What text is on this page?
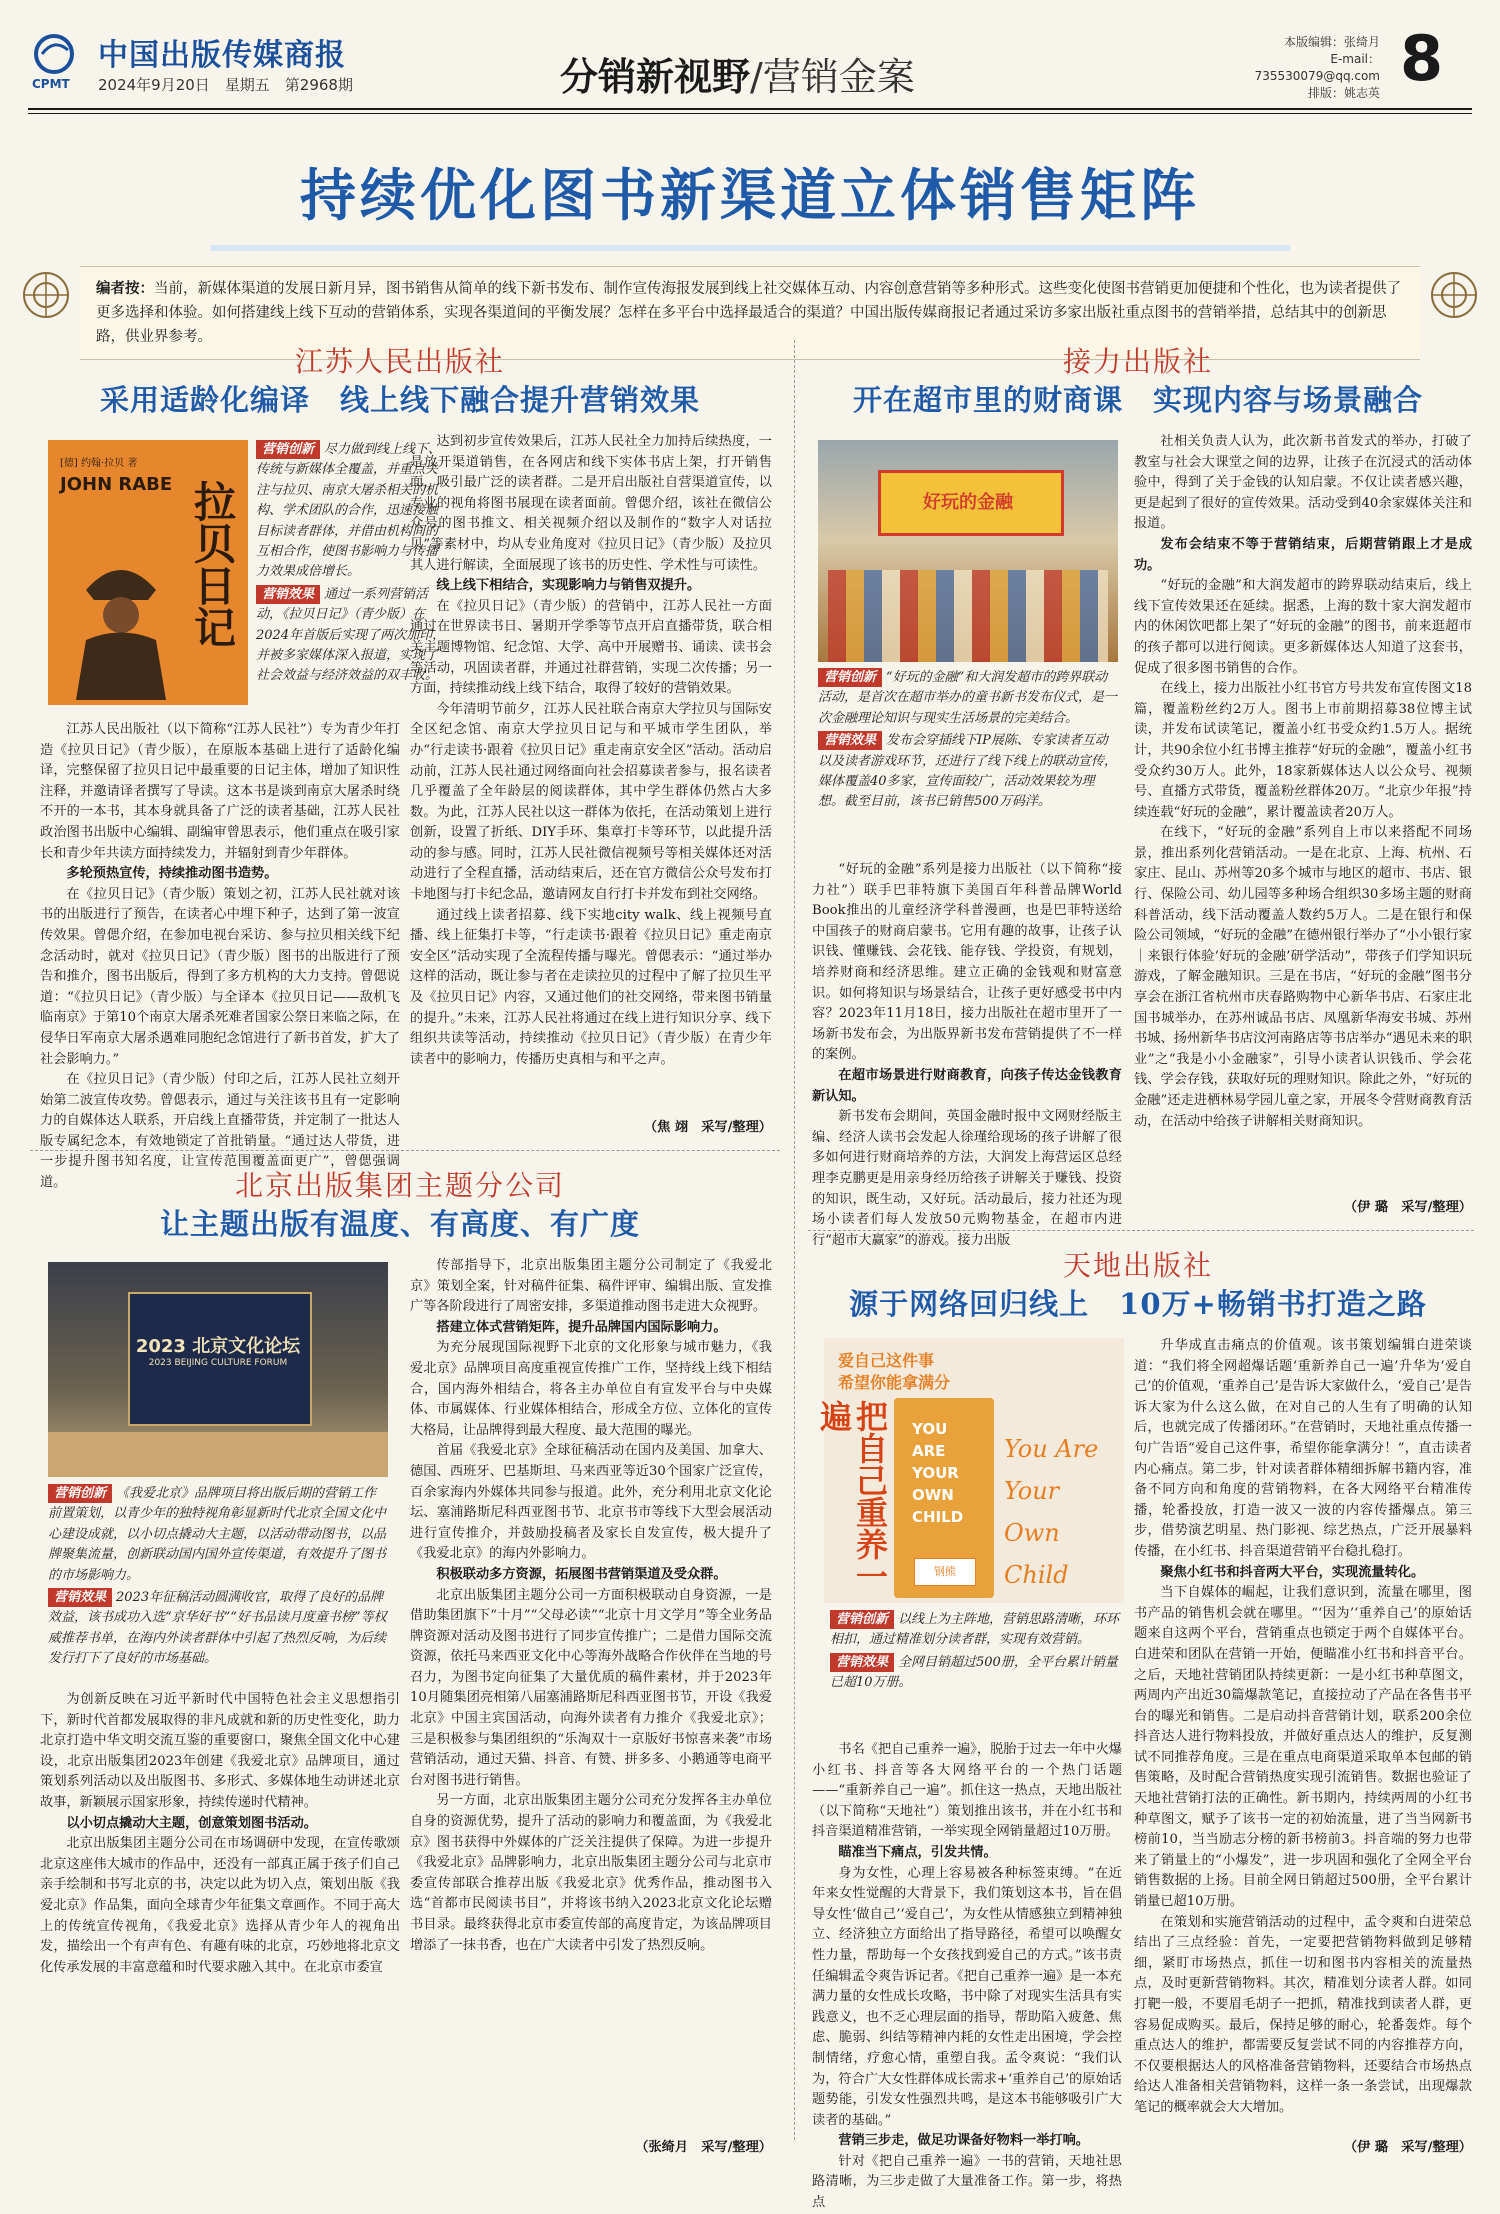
CPMT
中国出版传媒商报
2024年9月20日　星期五　第2968期	分销新视野/营销金案
本版编辑：张绮月
E-mail：735530079@qq.com
排版：姚志英 8
持续优化图书新渠道立体销售矩阵
编者按：当前，新媒体渠道的发展日新月异，图书销售从简单的线下新书发布、制作宣传海报发展到线上社交媒体互动、内容创意营销等多种形式。这些变化使图书营销更加便捷和个性化，也为读者提供了更多选择和体验。如何搭建线上线下互动的营销体系，实现各渠道间的平衡发展？怎样在多平台中选择最适合的渠道？中国出版传媒商报记者通过采访多家出版社重点图书的营销举措，总结其中的创新思路，供业界参考。
江苏人民出版社
采用适龄化编译　线上线下融合提升营销效果
[德] 约翰·拉贝 著
JOHN RABE 拉贝日记

营销创新 尽力做到线上线下、传统与新媒体全覆盖，并重点关注与拉贝、南京大屠杀相关的机构、学术团队的合作，迅速接触目标读者群体，并借由机构间的互相合作，使图书影响力与传播力效果成倍增长。

营销效果 通过一系列营销活动，《拉贝日记》（青少版）在2024年首版后实现了两次加印，并被多家媒体深入报道，实现了社会效益与经济效益的双丰收。

江苏人民出版社（以下简称“江苏人民社”）专为青少年打造《拉贝日记》（青少版），在原版本基础上进行了适龄化编译，完整保留了拉贝日记中最重要的日记主体，增加了知识性注释，并邀请译者撰写了导读。这本书是谈到南京大屠杀时绕不开的一本书，其本身就具备了广泛的读者基础，江苏人民社政治图书出版中心编辑、副编审曾思表示，他们重点在吸引家长和青少年共读方面持续发力，并辐射到青少年群体。

多轮预热宣传，持续推动图书造势。

在《拉贝日记》（青少版）策划之初，江苏人民社就对该书的出版进行了预告，在读者心中埋下种子，达到了第一波宣传效果。曾偲介绍，在参加电视台采访、参与拉贝相关线下纪念活动时，就对《拉贝日记》（青少版）图书的出版进行了预告和推介，图书出版后，得到了多方机构的大力支持。曾偲说道：“《拉贝日记》（青少版）与全译本《拉贝日记——敌机飞临南京》于第10个南京大屠杀死难者国家公祭日来临之际，在侵华日军南京大屠杀遇难同胞纪念馆进行了新书首发，扩大了社会影响力。”

在《拉贝日记》（青少版）付印之后，江苏人民社立刻开始第二波宣传攻势。曾偲表示，通过与关注该书且有一定影响力的自媒体达人联系，开启线上直播带货，并定制了一批达人版专属纪念本，有效地锁定了首批销量。“通过达人带货，进一步提升图书知名度，让宣传范围覆盖面更广”，曾偲强调道。

达到初步宣传效果后，江苏人民社全力加持后续热度，一是放开渠道销售，在各网店和线下实体书店上架，打开销售面，吸引最广泛的读者群。二是开启出版社自营渠道宣传，以专业的视角将图书展现在读者面前。曾偲介绍，该社在微信公众号的图书推文、相关视频介绍以及制作的“数字人对话拉贝”等素材中，均从专业角度对《拉贝日记》（青少版）及拉贝其人进行解读，全面展现了该书的历史性、学术性与可读性。

线上线下相结合，实现影响力与销售双提升。

在《拉贝日记》（青少版）的营销中，江苏人民社一方面通过在世界读书日、暑期开学季等节点开启直播带货，联合相关主题博物馆、纪念馆、大学、高中开展赠书、诵读、读书会等活动，巩固读者群，并通过社群营销，实现二次传播；另一方面，持续推动线上线下结合，取得了较好的营销效果。

今年清明节前夕，江苏人民社联合南京大学拉贝与国际安全区纪念馆、南京大学拉贝日记与和平城市学生团队，举办“行走读书·跟着《拉贝日记》重走南京安全区”活动。活动启动前，江苏人民社通过网络面向社会招募读者参与，报名读者几乎覆盖了全年龄层的阅读群体，其中学生群体仍然占大多数。为此，江苏人民社以这一群体为依托，在活动策划上进行创新，设置了折纸、DIY手环、集章打卡等环节，以此提升活动的参与感。同时，江苏人民社微信视频号等相关媒体还对活动进行了全程直播，活动结束后，还在官方微信公众号发布打卡地图与打卡纪念品，邀请网友自行打卡并发布到社交网络。

通过线上读者招募、线下实地city walk、线上视频号直播、线上征集打卡等，“行走读书·跟着《拉贝日记》重走南京安全区”活动实现了全流程传播与曝光。曾偲表示：“通过举办这样的活动，既让参与者在走读拉贝的过程中了解了拉贝生平及《拉贝日记》内容，又通过他们的社交网络，带来图书销量的提升。”未来，江苏人民社将通过在线上进行知识分享、线下组织共读等活动，持续推动《拉贝日记》（青少版）在青少年读者中的影响力，传播历史真相与和平之声。

（焦 翊　采写/整理）
北京出版集团主题分公司
让主题出版有温度、有高度、有广度
2023 北京文化论坛
2023 BEIJING CULTURE FORUM

营销创新 《我爱北京》品牌项目将出版后期的营销工作前置策划，以青少年的独特视角彰显新时代北京全国文化中心建设成就，以小切点撬动大主题，以活动带动图书，以品牌聚集流量，创新联动国内国外宣传渠道，有效提升了图书的市场影响力。

营销效果 2023年征稿活动圆满收官，取得了良好的品牌效益，该书成功入选“京华好书”“好书品读月度童书榜”等权威推荐书单，在海内外读者群体中引起了热烈反响，为后续发行打下了良好的市场基础。

为创新反映在习近平新时代中国特色社会主义思想指引下，新时代首都发展取得的非凡成就和新的历史性变化，助力北京打造中华文明交流互鉴的重要窗口，聚焦全国文化中心建设，北京出版集团2023年创建《我爱北京》品牌项目，通过策划系列活动以及出版图书、多形式、多媒体地生动讲述北京故事，新颖展示国家形象，持续传递时代精神。

以小切点撬动大主题，创意策划图书活动。

北京出版集团主题分公司在市场调研中发现，在宣传歌颂北京这座伟大城市的作品中，还没有一部真正属于孩子们自己亲手绘制和书写北京的书，决定以此为切入点，策划出版《我爱北京》作品集，面向全球青少年征集文章画作。不同于高大上的传统宣传视角，《我爱北京》选择从青少年人的视角出发，描绘出一个有声有色、有趣有味的北京，巧妙地将北京文化传承发展的丰富意蕴和时代要求融入其中。在北京市委宣

传部指导下，北京出版集团主题分公司制定了《我爱北京》策划全案，针对稿件征集、稿件评审、编辑出版、宣发推广等各阶段进行了周密安排，多渠道推动图书走进大众视野。

搭建立体式营销矩阵，提升品牌国内国际影响力。

为充分展现国际视野下北京的文化形象与城市魅力，《我爱北京》品牌项目高度重视宣传推广工作，坚持线上线下相结合，国内海外相结合，将各主办单位自有宣发平台与中央媒体、市属媒体、行业媒体相结合，形成全方位、立体化的宣传大格局，让品牌得到最大程度、最大范围的曝光。

首届《我爱北京》全球征稿活动在国内及美国、加拿大、德国、西班牙、巴基斯坦、马来西亚等近30个国家广泛宣传，百余家海内外媒体共同参与报道。此外，充分利用北京文化论坛、塞浦路斯尼科西亚图书节、北京书市等线下大型会展活动进行宣传推介，并鼓励投稿者及家长自发宣传，极大提升了《我爱北京》的海内外影响力。

积极联动多方资源，拓展图书营销渠道及受众群。

北京出版集团主题分公司一方面积极联动自身资源，一是借助集团旗下“十月”“父母必读”“北京十月文学月”等全业务品牌资源对活动及图书进行了同步宣传推广；二是借力国际交流资源，依托马来西亚文化中心等海外战略合作伙伴在当地的号召力，为图书定向征集了大量优质的稿件素材，并于2023年10月随集团亮相第八届塞浦路斯尼科西亚图书节，开设《我爱北京》中国主宾国活动，向海外读者有力推介《我爱北京》；三是积极参与集团组织的“乐淘双十一京版好书惊喜来袭”市场营销活动，通过天猫、抖音、有赞、拼多多、小鹅通等电商平台对图书进行销售。

另一方面，北京出版集团主题分公司充分发挥各主办单位自身的资源优势，提升了活动的影响力和覆盖面，为《我爱北京》图书获得中外媒体的广泛关注提供了保障。为进一步提升《我爱北京》品牌影响力，北京出版集团主题分公司与北京市委宣传部联合推荐出版《我爱北京》优秀作品，推动图书入选“首都市民阅读书目”，并将该书纳入2023北京文化论坛赠书目录。最终获得北京市委宣传部的高度肯定，为该品牌项目增添了一抹书香，也在广大读者中引发了热烈反响。

（张绮月　采写/整理）
接力出版社
开在超市里的财商课　实现内容与场景融合
好玩的金融

营销创新 “好玩的金融”和大润发超市的跨界联动活动，是首次在超市举办的童书新书发布仪式，是一次金融理论知识与现实生活场景的完美结合。

营销效果 发布会穿插线下IP展陈、专家读者互动以及读者游戏环节，还进行了线下线上的联动宣传，媒体覆盖40多家，宣传面较广，活动效果较为理想。截至目前，该书已销售500万码洋。

“好玩的金融”系列是接力出版社（以下简称“接力社”）联手巴菲特旗下美国百年科普品牌World Book推出的儿童经济学科普漫画，也是巴菲特送给中国孩子的财商启蒙书。它用有趣的故事，让孩子认识钱、懂赚钱、会花钱、能存钱、学投资，有规划，培养财商和经济思维。建立正确的金钱观和财富意识。如何将知识与场景结合，让孩子更好感受书中内容？2023年11月18日，接力出版社在超市里开了一场新书发布会，为出版界新书发布营销提供了不一样的案例。

在超市场景进行财商教育，向孩子传达金钱教育新认知。

新书发布会期间，英国金融时报中文网财经版主编、经济人读书会发起人徐瑾给现场的孩子讲解了很多如何进行财商培养的方法，大润发上海营运区总经理李克鹏更是用亲身经历给孩子讲解关于赚钱、投资的知识，既生动，又好玩。活动最后，接力社还为现场小读者们每人发放50元购物基金，在超市内进行“超市大赢家”的游戏。接力出版

社相关负责人认为，此次新书首发式的举办，打破了教室与社会大课堂之间的边界，让孩子在沉浸式的活动体验中，得到了关于金钱的认知启蒙。不仅让读者感兴趣，更是起到了很好的宣传效果。活动受到40余家媒体关注和报道。

发布会结束不等于营销结束，后期营销跟上才是成功。

“好玩的金融”和大润发超市的跨界联动结束后，线上线下宣传效果还在延续。据悉，上海的数十家大润发超市内的休闲饮吧都上架了“好玩的金融”的图书，前来逛超市的孩子都可以进行阅读。更多新媒体达人知道了这套书，促成了很多图书销售的合作。

在线上，接力出版社小红书官方号共发布宣传图文18篇，覆盖粉丝约2万人。图书上市前期招募38位博主试读，并发布试读笔记，覆盖小红书受众约1.5万人。据统计，共90余位小红书博主推荐“好玩的金融”，覆盖小红书受众约30万人。此外，18家新媒体达人以公众号、视频号、直播方式带货，覆盖粉丝群体20万。“北京少年报”持续连载“好玩的金融”，累计覆盖读者20万人。

在线下，“好玩的金融”系列自上市以来搭配不同场景，推出系列化营销活动。一是在北京、上海、杭州、石家庄、昆山、苏州等20多个城市与地区的超市、书店、银行、保险公司、幼儿园等多种场合组织30多场主题的财商科普活动，线下活动覆盖人数约5万人。二是在银行和保险公司领域，“好玩的金融”在德州银行举办了“小小银行家｜来银行体验‘好玩的金融’研学活动”，带孩子们学知识玩游戏，了解金融知识。三是在书店，“好玩的金融”图书分享会在浙江省杭州市庆春路购物中心新华书店、石家庄北国书城举办，在苏州诚品书店、凤凰新华海安书城、苏州书城、扬州新华书店汶河南路店等书店举办“遇见未来的职业”之“我是小小金融家”，引导小读者认识钱币、学会花钱、学会存钱，获取好玩的理财知识。除此之外，“好玩的金融”还走进栖林易学园儿童之家，开展冬令营财商教育活动，在活动中给孩子讲解相关财商知识。

（伊 璐　采写/整理）
天地出版社
源于网络回归线上　10万+畅销书打造之路
爱自己这件事
希望你能拿满分
把自己重养一遍	YOU ARE YOUR OWN CHILD
You Are Your Own Child
钢熊

营销创新 以线上为主阵地，营销思路清晰，环环相扣，通过精准划分读者群，实现有效营销。

营销效果 全网目销超过500册，全平台累计销量已超10万册。

书名《把自己重养一遍》，脱胎于过去一年中火爆小红书、抖音等各大网络平台的一个热门话题——“重新养自己一遍”。抓住这一热点，天地出版社（以下简称“天地社”）策划推出该书，并在小红书和抖音渠道精准营销，一举实现全网销量超过10万册。

瞄准当下痛点，引发共情。

身为女性，心理上容易被各种标签束缚。“在近年来女性觉醒的大背景下，我们策划这本书，旨在倡导女性‘做自己’‘爱自己’，为女性从情感独立到精神独立、经济独立方面给出了指导路径，希望可以唤醒女性力量，帮助每一个女孩找到爱自己的方式。”该书责任编辑孟令爽告诉记者。《把自己重养一遍》是一本充满力量的女性成长攻略，书中除了对现实生活具有实践意义，也不乏心理层面的指导，帮助陷入疲惫、焦虑、脆弱、纠结等精神内耗的女性走出困境，学会控制情绪，疗愈心情，重塑自我。孟令爽说：“我们认为，符合广大女性群体成长需求+‘重养自己’的原始话题势能，引发女性强烈共鸣，是这本书能够吸引广大读者的基础。”

营销三步走，做足功课备好物料一举打响。

针对《把自己重养一遍》一书的营销，天地社思路清晰，为三步走做了大量准备工作。第一步，将热点

升华成直击痛点的价值观。该书策划编辑白进荣谈道：“我们将全网超爆话题‘重新养自己一遍’升华为‘爱自己’的价值观，‘重养自己’是告诉大家做什么，‘爱自己’是告诉大家为什么这么做，在对自己的人生有了明确的认知后，也就完成了传播闭环。”在营销时，天地社重点传播一句广告语“爱自己这件事，希望你能拿满分！”，直击读者内心痛点。第二步，针对读者群体精细拆解书籍内容，准备不同方向和角度的营销物料，在各大网络平台精准传播，轮番投放，打造一波又一波的内容传播爆点。第三步，借势演艺明星、热门影视、综艺热点，广泛开展暴料传播，在小红书、抖音渠道营销平台稳扎稳打。

聚焦小红书和抖音两大平台，实现流量转化。

当下自媒体的崛起，让我们意识到，流量在哪里，图书产品的销售机会就在哪里。“‘因为’‘重养自己’的原始话题来自这两个平台，营销重点也锁定于两个自媒体平台。白进荣和团队在营销一开始，便瞄准小红书和抖音平台。之后，天地社营销团队持续更新：一是小红书种草图文，两周内产出近30篇爆款笔记，直接拉动了产品在各售书平台的曝光和销售。二是启动抖音营销计划，联系200余位抖音达人进行物料投放，并做好重点达人的维护，反复测试不同推荐角度。三是在重点电商渠道采取单本包邮的销售策略，及时配合营销热度实现引流销售。数据也验证了天地社营销打法的正确性。新书期内，持续两周的小红书种草图文，赋予了该书一定的初始流量，进了当当网新书榜前10，当当励志分榜的新书榜前3。抖音端的努力也带来了销量上的“小爆发”，进一步巩固和强化了全网全平台销售数据的上扬。目前全网日销超过500册，全平台累计销量已超10万册。

在策划和实施营销活动的过程中，孟令爽和白进荣总结出了三点经验：首先，一定要把营销物料做到足够精细，紧盯市场热点，抓住一切和图书内容相关的流量热点，及时更新营销物料。其次，精准划分读者人群。如同打靶一般，不要眉毛胡子一把抓，精准找到读者人群，更容易促成购买。最后，保持足够的耐心，轮番轰炸。每个重点达人的维护，都需要反复尝试不同的内容推荐方向，不仅要根据达人的风格准备营销物料，还要结合市场热点给达人准备相关营销物料，这样一条一条尝试，出现爆款笔记的概率就会大大增加。

（伊 璐　采写/整理）
